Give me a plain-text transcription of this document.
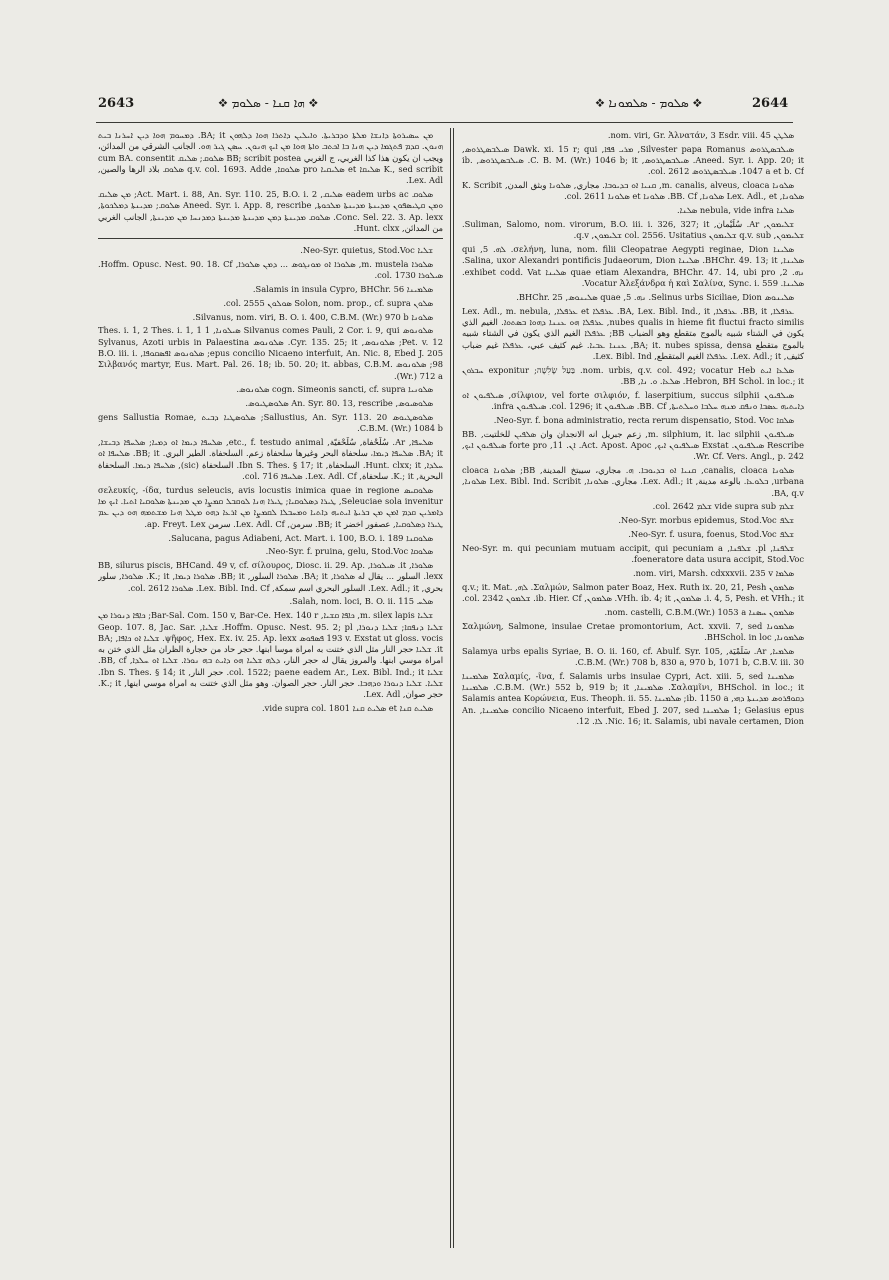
2643	❖ ܗܐ ܩܢܐ - ܣܠܘܡ ❖	❖ ܣܠܘܡ - ܣܠܡܘܢܐ ❖	2644

ܡܢ ܚܣܝܪܘܬܐ ܕܐܢܫܐ ܡܠܬܐ ܘܕܒܪܝܬܐ. ܘܐܝܠܝܢ ܕܐܬܪܐ ܗܘܐ ܕܠܗܘܢ BA; it. ܕܡܚܘܡ ܗܘܐ ܕܝܢ ܐܚܪܢܐ ܒܝܬ ܗܢܘܢ. ܩܕܡ ܦܬܓܡܐ ܕܝܢ ܗܢܐ ܒܐ ܐܟܬܒ ܘܐܬܐ ܗܘܐ ܡܢ ܐܝܟ ܗܢܘܢ. ܚܣܢ ܓܝܪ ܗܘ. الجانب الشرقي من المدائن، ويجب ان يكون هذا كذا الغربي، ج الغربي BB; scribit postea ܣܠܘܩ; ܣܠܝܩ cum BA. consentit K., sed scribit ܣܠܝܩܐ et ܣܠܝܩܝܐ pro ܣܠܘܩܐ, q.v. col. 1693. Adde ܣܠܘܩ بلاد الرها والصين, Lex. Adl.

ܣܠܘܩ eadem urbs ac ܣܠܝܩ, Act. Mart. i. 88, An. Syr. 110. 25, B.O. i. 2; ܡܢ ܣܠܝܩ ܘܡܢ ܩܛܝܣܦܘܢ ܡܕܝܢܬܐ ܡܕܝܢܬܐ ܡܠܟܘܬܐ, Aneed. Syr. i. App. 8, rescribe ܣܠܘܩ; ܡܕܝܢܬܐ ܕܡܠܟܘܬܐ, Conc. Sel. 22. 3. Ap. lexx. ܣܠܘܩ ܡܕܝܢܬܐ ܕܡܢ ܡܕܝܢܬܐ ܡܕܝܢܬܐ ܕܡܕܢܚܐ ܡܢ ܡܕܝܢܬܐ, الجانب الغربي من المدائن, Hunt. clxx.

ܫܠܝܐ Neo-Syr. quietus, Stod.Voc.

ܣܠܘܪܐ m. mustela, ܣܠܘܪܐ ܐܘ ܡܘܢܓܘܣ ... ܕܡܢ ܣܠܘܪܐ, Hoffm. Opusc. Nest. 90. 18. Cf. ܣܝܠܘܪܐ col. 1730.

ܣܠܡܝܢܐ Salamis in insula Cypro, BHChr. 56.

ܣܠܘܢ Solon, nom. prop., cf. supra ܣܘܠܘܢ col. 2555.

ܣܠܘܢܐ Silvanus, nom. viri, B. O. i. 400, C.B.M. (Wr.) 970 b.

ܣܠܘܢܘܣ Silvanus comes Pauli, 2 Cor. i. 9, qui ܣܝܠܘܢܐ, 1 Thes. i. 1, 2 Thes. i. 1, 1 Pet. v. 12; ܣܠܘܢܘܣ, Cyr. 135. 25; it. ܣܠܘܢܘܣ Sylvanus, Azoti urbis in Palaestina epus concilio Nicaeno interfuit, An. Nic. 8, Ebed J. 205; ܣܠܘܢܘܣ ܐܦܣܩܘܦܐ, B.O. iii. i. 98; ܣܠܘܢܘܣ Σιλβανός martyr, Eus. Mart. Pal. 26. 18; ib. 50. 20; it. abbas, C.B.M. (Wr.) 712 a.

ܣܠܘܢܝܐ cogn. Simeonis sancti, cf. supra ܣܠܘܢܘܣ.

ܣܠܘܣܝܘܣ, An. Syr. 80. 13, rescribe ܣܠܘܣܛܝܘܣ.

ܣܠܘܣܛܝܘܣ Sallustius, An. Syr. 113. 20; ܣܠܘܣܛܝܐ ܕܒܝܬ gens Sallustia Romae, C.B.M. (Wr.) 1084 b.

ܣܠܚܦܐ, Ar. سُلَحْفاة, سُلَحْفيّة, etc., f. testudo animal, ܣܠܚܦܐ ܕܝܡܐ ܐܘ ܕܡܝܐ; ܣܠܚܦܐ ܕܒܝܫܐ, BA; it. ܣܠܚܦܐ ܕܝܡܐ، سلحفاة البحر وغيرها سلحفاة زعم. السلحفاة. الطير البري. BB; it. ܣܠܚܦܐ ܐܘ ܚܠܕܐ, Hunt. clxx; it. السلحفاة, Ibn S. Thes. § 17; it. السلحفاة (sic), ܣܠܚܦܐ ܕܝܡܐ. السلحفاة البحرية, K.; it. سلحفاة, Lex. Adl. Cf. ܣܠܚܦܐ col. 716.

ܣܠܘܩܝܣ σελευκίς, -ίδα, turdus seleucis, avis locustis inimica quae in regione Seleuciae sola invenitur, ܛܝܪܐ ܕܣܠܘܩܝܐ; ܛܝܪܐ ܗܢܐ ܠܘܩܒܠ ܩܡܨܐ ܡܢ ܡܕܝܢܬܐ ܣܠܘܩܝܐ ܐܬܝܐ. ܐܝܟ ܡܐ ܕܐܡܪܝܢ ܩܕܡ ܐܡܢ ܡܢ ܒܪܝܬܐ ܐܝܬܝܗ ܕܐܬܝܐ ܘܡܚܒܠܐ ܠܩܡܨܐ ܡܢ ܐܪܥܐ ܕܗܘ ܡܛܠ ܗܢܐ ܡܫܬܡܗ ܗܘ ܕܝܢ ܥܡ ܛܝܪܐ ܕܣܠܘܩܝܐ, عصفور اخضر BB; it. سرمن, Lex. Adl. Cf. سرمن ap. Freyt. Lex.

ܣܠܘܩܢܐ Salucana, pagus Adiabeni, Act. Mart. i. 100, B.O. i. 189.

ܣܠܘܩܐ Neo-Syr. f. pruina, gelu, Stod.Voc.

ܣܠܘܪܐ, it. ܣܝܠܘܪܐ, BB, silurus piscis, BHCand. 49 v, cf. σίλουρος, Diosc. ii. 29. Ap. lexx. السلور ... يقال له ܣܠܘܪܐ, BA; it. ܣܠܘܪܐ السلور, BB; it. ܣܠܘܪܐ ܕܝܡܐ, K.; it. ܣܠܘܪܐ, سلور بحري, Lex. Adl.; it. السلور البحري اسم سمكة, Lex. Bibl. Ind. Cf. ܣܠܘܪܐ col. 2612.

ܣܠܚ Salah, nom. loci, B. O. ii. 115.

ܫܠܝܐ m. silex lapis, ܟܐܦܐ ܩܫܝܐ, Bar-Sal. Com. 150 v, Bar-Ce. Hex. 140 r; ܟܐܦܐ ܕܢܘܪܐ ܡܢ ܫܠܝܐ ܕܢܦܩܐ; ܫܠܝܐ ܕܢܘܪܐ, Hoffm. Opusc. Nest. 95. 2; pl. ܫܠܝܐ, Geop. 107. 8, Jac. Sar. 193 v. Exstat ut gloss. vocis ܦܣܦܘܣ ψῆφος, Hex. Ex. iv. 25. Ap. lexx. ܫܠܝܐ ܐܘ ܟܐܦܐ, BA; it. ܫܠܝܐ حجر النار مثل الذي ختنت به امراة موسا ابنها. حجر حاد من حجارة الظران مثل الذي ختن به امراة موسي ابنها. والمروز يقال له حجر النار، ܕܠܗ ܫܠܝܐ ܗܘ ܕܐܝܬ ܒܗ ܢܘܪܐ. ܫܠܝܐ ܐܘ ܚܠܕܐ, BB, cf. ܫܠܝܐ col. 1522; paene eadem Ar., Lex. Bibl. Ind.; it. حجر النار, Ibn S. Thes. § 14; it. ܫܠܝܐ. ܫܠܝܐ ܕܢܘܪܐ ܘܕܗܒܐ. حجر النار. حجر الصوان. وهو مثل الذي ختنت به امراة موسي ابنها, K.; it. حجر صوان, Lex. Adl.

ܣܠܝܬ ܩܢܐ et ܣܠܝܬ ܩܢܐ vide supra col. 1801.

ܣܠܛܢ nom. viri, Gr. Ἀλνατάν, 3 Esdr. viii. 45.

ܣܝܠܒܣܛܪܘܣ Silvester papa Romanus, ܡܪܝ ܦܦܐ, Dawk. xi. 15 r; qui ܣܝܠܒܣܛܪܘܣ, Aneed. Syr. i. App. 20; it. ܣܝܠܒܣܛܪܘܣ, C. B. M. (Wr.) 1046 b; it. ܣܝܠܒܣܛܪܘܣ, ib. 1047 a et b. Cf. ܣܝܠܒܣܛܪܘܣ col. 2612.

ܣܠܘܢܐ m. canalis, alveus, cloaca, ܩܢܝܐ ܐܘ ܒܕܝܘܒܐ. مجاري, ܣܠܘܢܐ وبثق المدن, K. Scribit ܣܠܘܢܐ, Lex. Adl., et ܣܠܘܢܐ, BB. Cf. ܣܠܘܢܐ et ܣܠܘܢܐ col. 2611.

ܣܠܢܐ nebula, vide infra ܣܠܢܐ.

ܫܠܝܡܘܢ, Ar. سُلَيْمان, Suliman, Salomo, nom. virorum, B.O. iii. i. 326, 327; it. ܫܠܝܡܘܢ, q.v. sub ܫܠܝܡܘܢ col. 2556. Usitatius ܫܠܝܡܘܢ, q.v.

ܣܠܝܢܐ σελήνη, luna, nom. filii Cleopatrae Aegypti reginae, Dion. ܠܗ. 5, qui ܣܠܝܢܐ, BHChr. 49. 13; it. ܣܠܝܢܐ Salina, uxor Alexandri pontificis Judaeorum, Dion. ܢܗ. 2, quae etiam Alexandra, BHChr. 47. 14, ubi pro ܣܠܝܢܐ exhibet codd. Vat. ܣܠܝܢܐ. Vocatur Ἀλεξάνδρα ἡ καὶ Σαλίνα, Sync. i. 559.

ܣܠܝܢܘܣ Selinus urbs Siciliae, Dion. ܢܗ. 5, quae ܣܠܝܢܘܣ, BHChr. 25.

ܥܪܦܠܐ, BB, it. ܥܪܦܠܐ, BA, Lex. Bibl. Ind., it. ܥܪܦܠܐ et ܥܪܦܠܐ, Lex. Adl., m. nebula, nubes qualis in hieme fit fluctui fracto similis, ܥܪܦܠܐ ܗܘ ܥܢܢܐ ܕܗܘܐ ܒܣܬܘܐ. الغيم الذي يكون في الشتاء شبيه بالموج متقطع وهو الضباب BB; ܥܪܦܠܐ الغيم الذي يكون في الشتاء شبيه بالموج متقطع BA; it. nubes spissa, densa, ܥܢܢܐ ܥܒܝܐ. غيم كثيف عبي، ܥܪܦܠܐ غيم ضباب كثيف, Lex. Adl.; it. ܥܪܦܠܐ الغيم المتقطع, Lex. Bibl. Ind.

ܣܠܥܐ ܐܝܬ nom. urbis, q.v. col. 492; vocatur Heb. בַּעַל שָׂלִשָׁה; exponitur ܚܒܪܘܢ Hebron, BH Schol. in loc.; it. ܣܠܥܐ. ܘ. ܢܐ, BB.

ܣܝܠܦܝܘܢ σίλφιον, vel forte σιλφιόν, f. laserpitium, succus silphii, ܣܝܠܦܝܘܢ ܐܘ ܕܐܝܬܝܗ ܥܣܒܐ ܘܢܦܩ ܡܢܗ ܚܠܒܐ ܘܚܠܬܝܬܐ, BB. Cf. ܣܝܠܦܝܘܢ col. 1296; it. ܣܝܠܦܝܘܢ infra.

ܣܠܩܐ Neo-Syr. f. bona administratio, recta rerum dispensatio, Stod. Voc.

ܣܝܠܦܝܘܢ m. silphium, it. lac silphii, زعم جبريل انه الانجدان وان ܣܠܦܝܢ للخلتيت, BB. Rescribe ܣܝܠܦܝܘܢ. Exstat ܣܝܠܦܝܘܢ ܐܝܟ, Act. Apost. Apoc. ܐܢ. 11, forte pro ܣܝܠܦܝܘܢ ܐܝܟ, Wr. Cf. Vers. Angl., p. 242.

ܣܠܘܢܐ canalis, cloaca, ܩܢܝܐ ܐܘ ܒܕܝܘܒܐ. ܗ. مجاري، سيبتخ المدينة, BB; ܣܠܘܢܐ cloaca urbana, ܒܠܘܥܐ. بالوعة مدينة, Lex. Adl.; it. مجاري. ܣܠܘܢܐ, Lex. Bibl. Ind. Scribit ܣܠܘܢܐ, BA, q.v.

ܫܠܡ vide supra sub ܫܠܡ col. 2642.

ܫܠܦ Neo-Syr. morbus epidemus, Stod.Voc.

ܫܠܦ Neo-Syr. f. usura, foenus, Stod.Voc.

ܫܠܦܢܐ, pl. ܫܠܦܢܐ, Neo-Syr. m. qui pecuniam mutuam accipit, qui pecuniam a foeneratore data usura accipit, Stod.Voc.

ܣܠܡܐ nom. viri, Marsh. cdxxxvii. 235 v.

ܣܠܡܘܢ Σαλμών, Salmon pater Boaz, Hex. Ruth ix. 20, 21, Pesh. ܠܗ, q.v.; it. Mat. i. 4, 5, Pesh. et VHh.; it. ܣܠܡܘܢ, VHh. ib. 4; it. ܣܠܡܘܢ, ib. Hier. Cf. ܫܠܡܘܢ col. 2342.

ܣܠܡܘܢ ܚܣܢܐ nom. castelli, C.B.M.(Wr.) 1053 a.

ܣܠܡܘܢܐ Σαλμώνη, Salmone, insulae Cretae promontorium, Act. xxvii. 7, sed ܣܠܡܘܢܐ, BHSchol. in loc.

ܣܠܡܝܐ, Ar. سَلَمْيَة, Salamya urbs epalis Syriae, B. O. ii. 160, cf. Abulf. Syr. 105, C.B.M. (Wr.) 708 b, 830 a, 970 b, 1071 b, C.B.V. iii. 30.

ܣܠܡܝܢܐ Σαλαμίς, -ῖνα, f. Salamis urbs insulae Cypri, Act. xiii. 5, sed ܣܠܡܝܢܐ Σαλαμῖνι, BHSchol. in loc.; it. ܣܠܡܝܢܐ, C.B.M. (Wr.) 552 b, 919 b; it. ܣܠܡܝܢܐ ܕܩܘܦܪܘܣ ܡܕܝܢܬܐ ܕܗܝ, ib. 1150 a; ܣܠܡܝܢܐ Salamis antea Κορώνεια, Eus. Theoph. ii. 55. 1; Gelasius epus ܣܠܡܝܢܐ concilio Nicaeno interfuit, Ebed J. 207, sed ܣܠܡܝܢܐ, An. Nic. 16; it. Salamis, ubi navale certamen, Dion. ܠܐ. 12.
